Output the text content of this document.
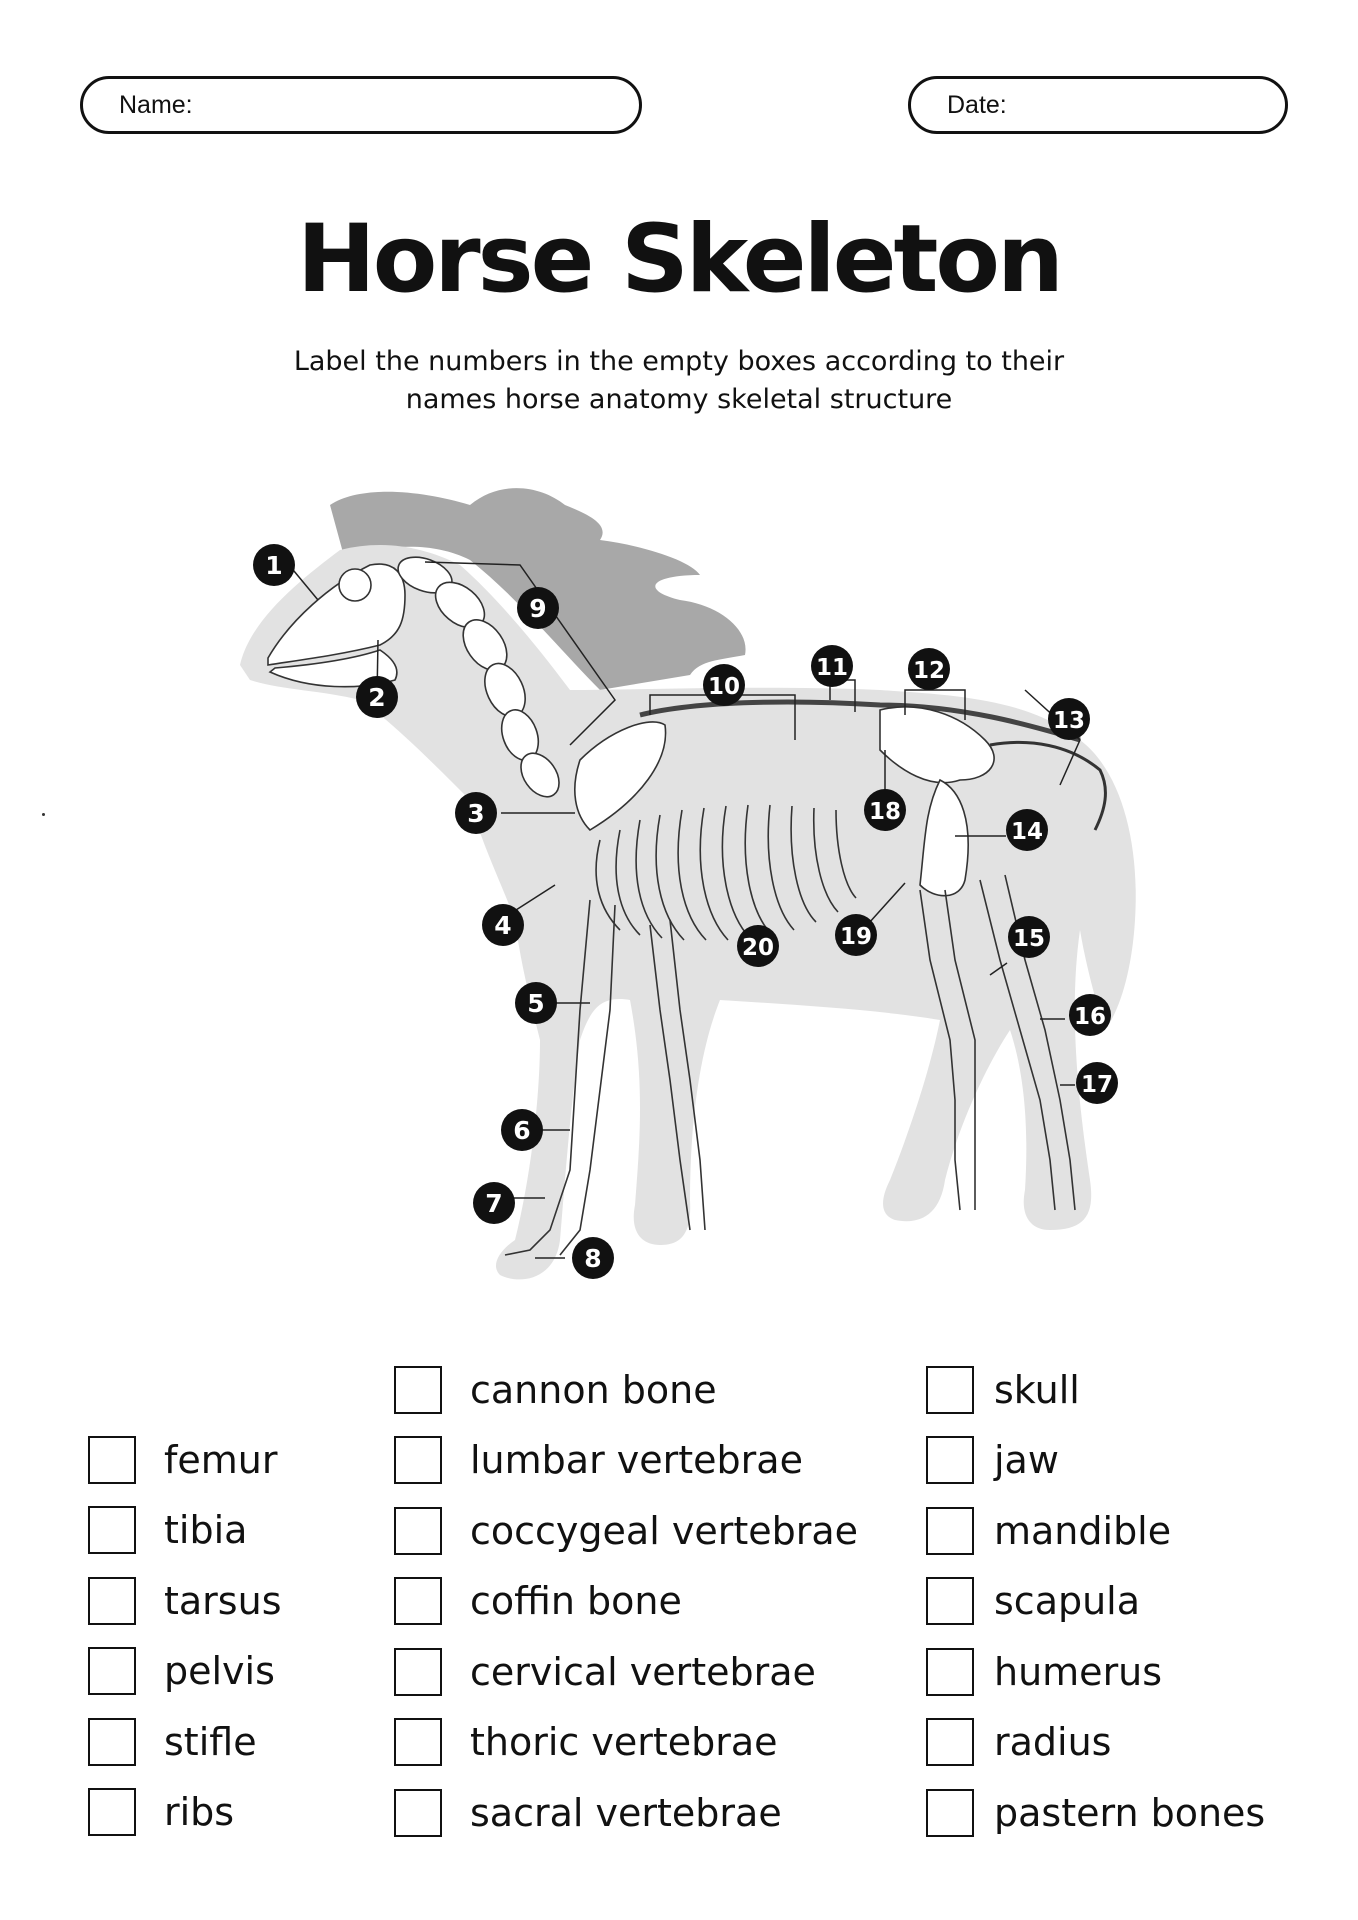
Name:	Date:
Horse Skeleton
Label the numbers in the empty boxes according to their
names horse anatomy skeletal structure
1
2
3
4
5
6
7
8
9
10
11	12
13
14
15
16
17
18
19
20
femur
tibia
tarsus
pelvis
stifle
ribs
cannon bone
lumbar vertebrae
coccygeal vertebrae
coffin bone
cervical vertebrae
thoric vertebrae
sacral vertebrae
skull
jaw
mandible
scapula
humerus
radius
pastern bones
